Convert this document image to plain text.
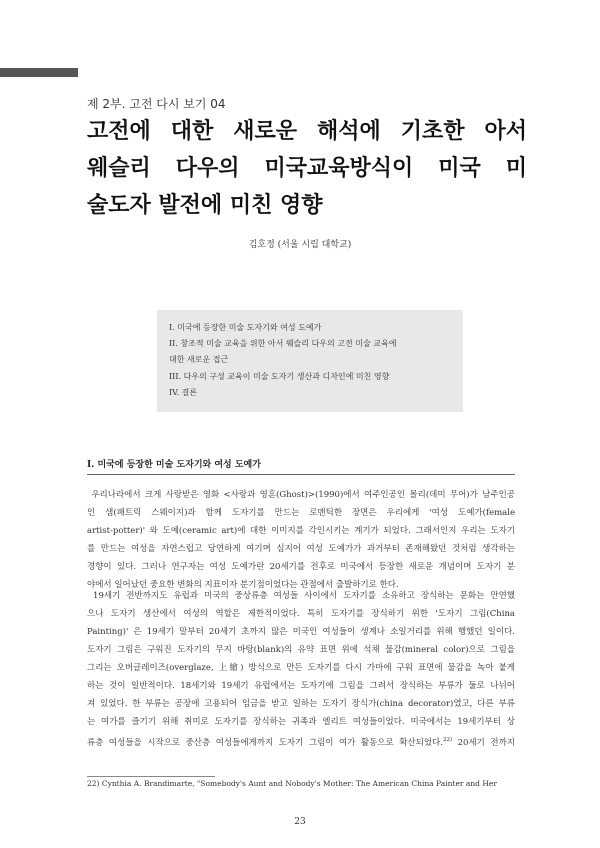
제 2부. 고전 다시 보기 04
고전에 대한 새로운 해석에 기초한 아서
웨슬리 다우의 미국교육방식이 미국 미
술도자 발전에 미친 영향
김호정 (서울 시립 대학교)
I. 미국에 등장한 미술 도자기와 여성 도예가
II. 창조적 미술 교육을 위한 아서 웨슬리 다우의 고전 미술 교육에
대한 새로운 접근
III. 다우의 구성 교육이 미술 도자기 생산과 디자인에 미친 영향
IV. 결론
I. 미국에 등장한 미술 도자기와 여성 도예가
우리나라에서 크게 사랑받은 영화 <사랑과 영혼(Ghost)>(1990)에서 여주인공인 몰리(데미 무어)가 남주인공
인 샘(패트릭 스웨이지)과 함께 도자기를 만드는 로맨틱한 장면은 우리에게 '여성 도예가(female
artist-potter)' 와 도예(ceramic art)에 대한 이미지를 각인시키는 계기가 되었다. 그래서인지 우리는 도자기
를 만드는 여성을 자연스럽고 당연하게 여기며 심지어 여성 도예가가 과거부터 존재해왔던 것처럼 생각하는
경향이 있다. 그러나 연구자는 여성 도예가란 20세기를 전후로 미국에서 등장한 새로운 개념이며 도자기 분
야에서 일어났던 중요한 변화의 지표이자 분기점이었다는 관점에서 출발하기로 한다.
19세기 전반까지도 유럽과 미국의 중상류층 여성들 사이에서 도자기를 소유하고 장식하는 문화는 만연했
으나 도자기 생산에서 여성의 역할은 제한적이었다. 특히 도자기를 장식하기 위한 '도자기 그림(China
Painting)' 은 19세기 말부터 20세기 초까지 많은 미국인 여성들이 생계나 소일거리를 위해 행했던 일이다.
도자기 그림은 구워진 도자기의 무지 바탕(blank)의 유약 표면 위에 석채 물감(mineral color)으로 그림을
그리는 오버글레이즈(overglaze, 上繪) 방식으로 만든 도자기를 다시 가마에 구워 표면에 물감을 녹아 붙게
하는 것이 일반적이다. 18세기와 19세기 유럽에서는 도자기에 그림을 그려서 장식하는 부류가 둘로 나뉘어
져 있었다. 한 부류는 공장에 고용되어 임금을 받고 일하는 도자기 장식가(china decorator)였고, 다른 부류
는 여가를 즐기기 위해 취미로 도자기를 장식하는 귀족과 엘리트 여성들이었다. 미국에서는 19세기부터 상
류층 여성들을 시작으로 중산층 여성들에게까지 도자기 그림이 여가 활동으로 확산되었다.$^{22)}$ 20세기 전까지
22) Cynthia A. Brandimarte, "Somebody's Aunt and Nobody's Mother: The American China Painter and Her
23
